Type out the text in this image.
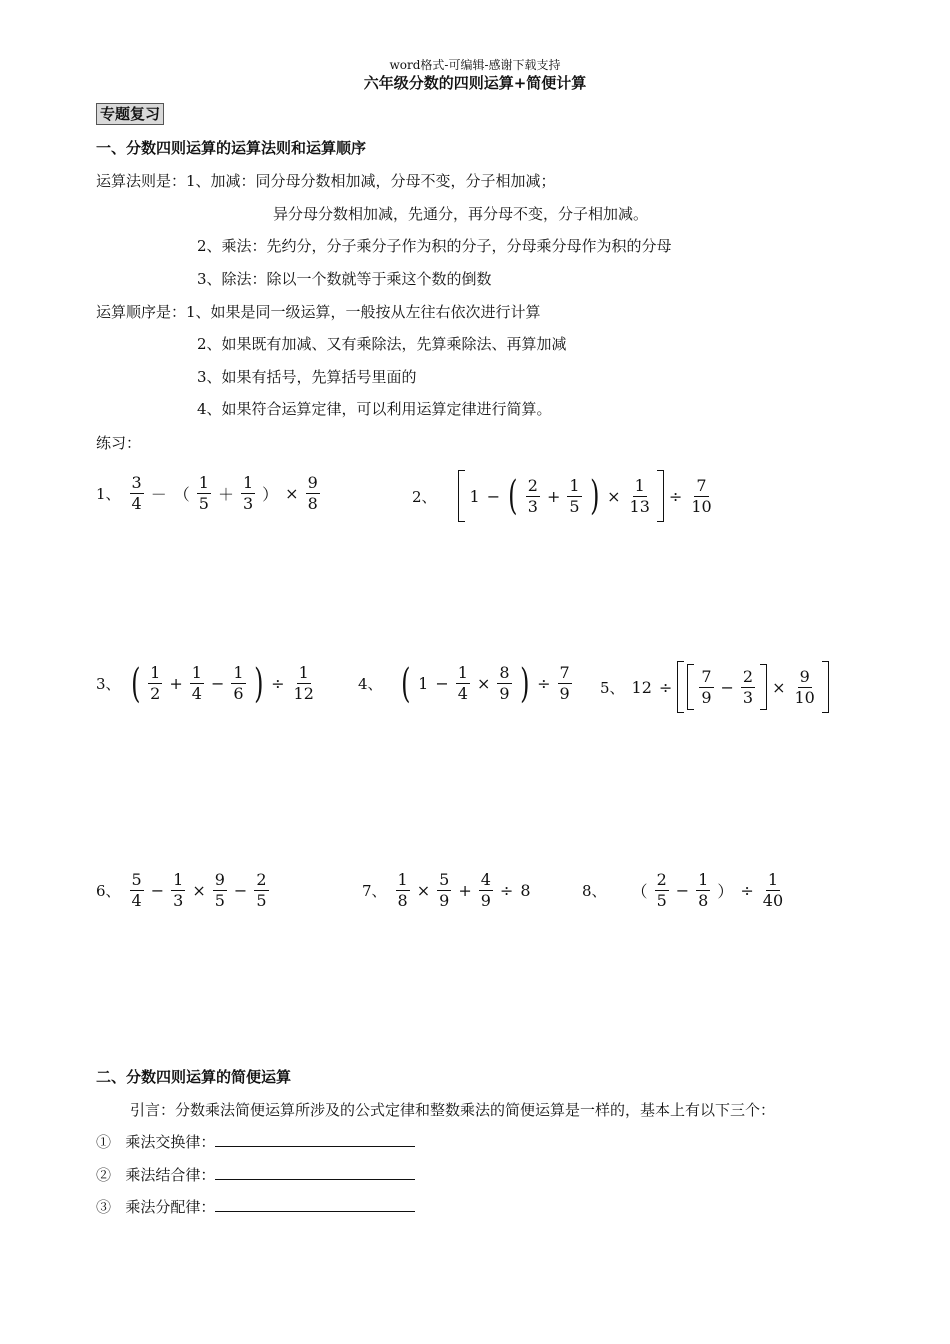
word格式-可编辑-感谢下载支持
六年级分数的四则运算+简便计算
专题复习
一、分数四则运算的运算法则和运算顺序
运算法则是：1、加减：同分母分数相加减，分母不变，分子相加减；
异分母分数相加减，先通分，再分母不变，分子相加减。
2、乘法：先约分，分子乘分子作为积的分子，分母乘分母作为积的分母
3、除法：除以一个数就等于乘这个数的倒数
运算顺序是：1、如果是同一级运算，一般按从左往右依次进行计算
2、如果既有加减、又有乘除法，先算乘除法、再算加减
3、如果有括号，先算括号里面的
4、如果符合运算定律，可以利用运算定律进行简算。
练习：
1、 $\frac{3}{4}$ － （ $\frac{1}{5} + \frac{1}{3}$ ） × $\frac{9}{8}$	2、 1 − ( $\frac{2}{3} + \frac{1}{5}$ ) × $\frac{1}{13} \div \frac{7}{10}$
3、 ( $\frac{1}{2} + \frac{1}{4} - \frac{1}{6}$ ) ÷ $\frac{1}{12}$	4、 ( $1 - \frac{1}{4} \times \frac{8}{9}$ ) ÷ $\frac{7}{9} 5$、 $12 \div \frac{7}{9} - \frac{2}{3} \times \frac{9}{10}$
6、 $\frac{5}{4} - \frac{1}{3} \times \frac{9}{5} - \frac{2}{5}$	7、 $\frac{1}{8} \times \frac{5}{9} + \frac{4}{9} \div 8$	8、 （ $\frac{2}{5} - \frac{1}{8}$ ） ÷ $\frac{1}{40}$
二、分数四则运算的简便运算
引言：分数乘法简便运算所涉及的公式定律和整数乘法的简便运算是一样的，基本上有以下三个：
① 乘法交换律：
② 乘法结合律：
③ 乘法分配律：
